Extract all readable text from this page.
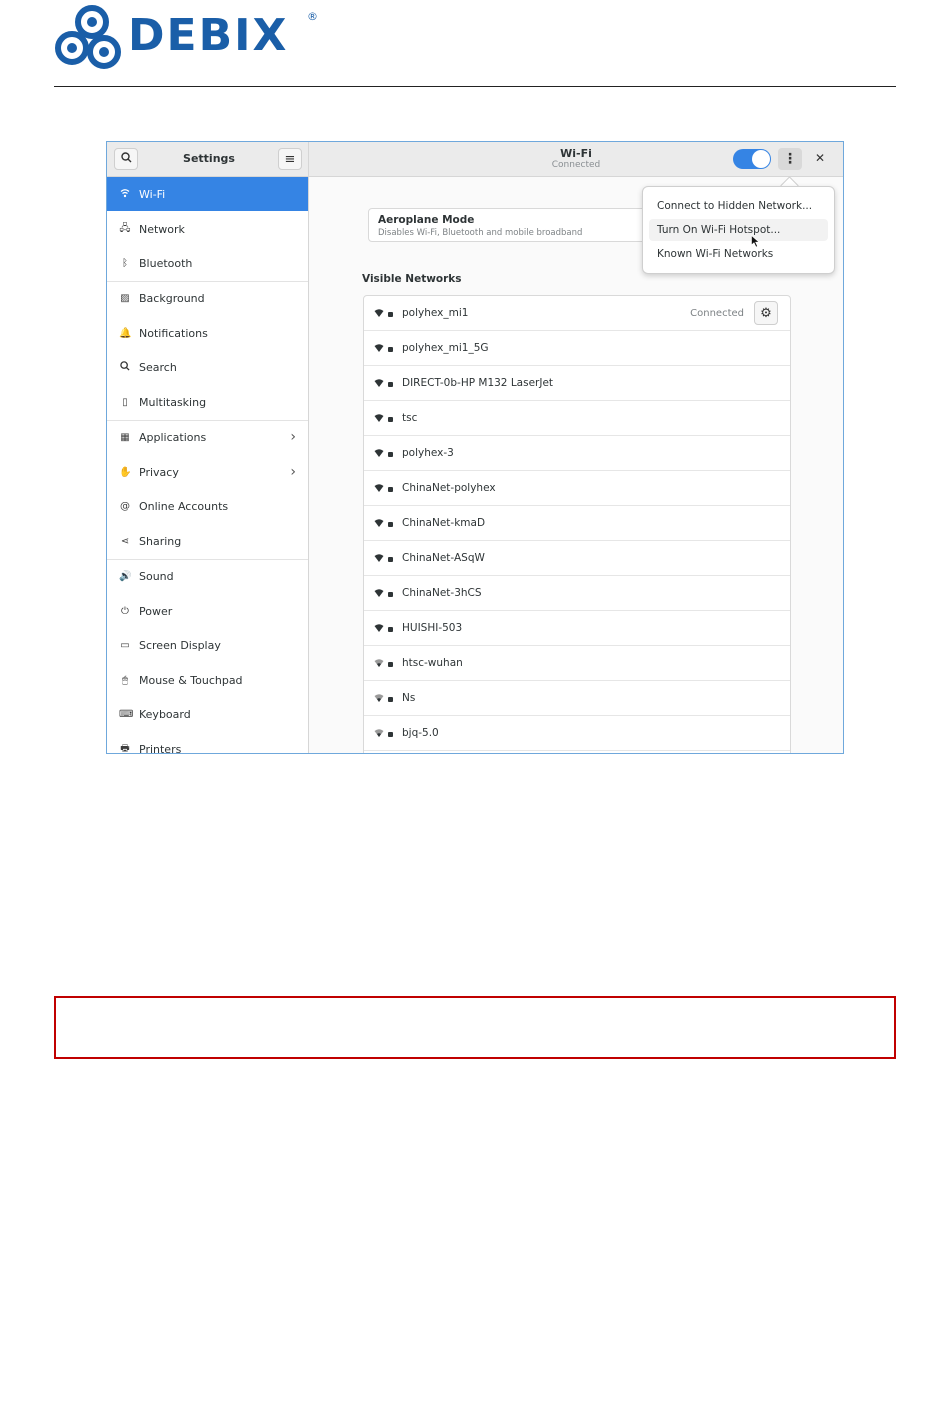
DEBIX ®
Settings	≡	Wi-Fi
Connected	⋮ ✕
Wi-Fi
🖧 Network
ᛒ Bluetooth
▨ Background
🔔 Notifications
Search
▯ Multitasking
▦ Applications	›
✋ Privacy	›
@ Online Accounts
⋖ Sharing
🔊 Sound
⏻ Power
▭ Screen Display
🖱 Mouse & Touchpad
⌨ Keyboard
🖶 Printers
Aeroplane Mode
Disables Wi-Fi, Bluetooth and mobile broadband
Visible Networks
polyhex_mi1	Connected ⚙
polyhex_mi1_5G
DIRECT-0b-HP M132 LaserJet
tsc
polyhex-3
ChinaNet-polyhex
ChinaNet-kmaD
ChinaNet-ASqW
ChinaNet-3hCS
HUISHI-503
htsc-wuhan
Ns
bjq-5.0
Connect to Hidden Network...
Turn On Wi-Fi Hotspot...
Known Wi-Fi Networks
